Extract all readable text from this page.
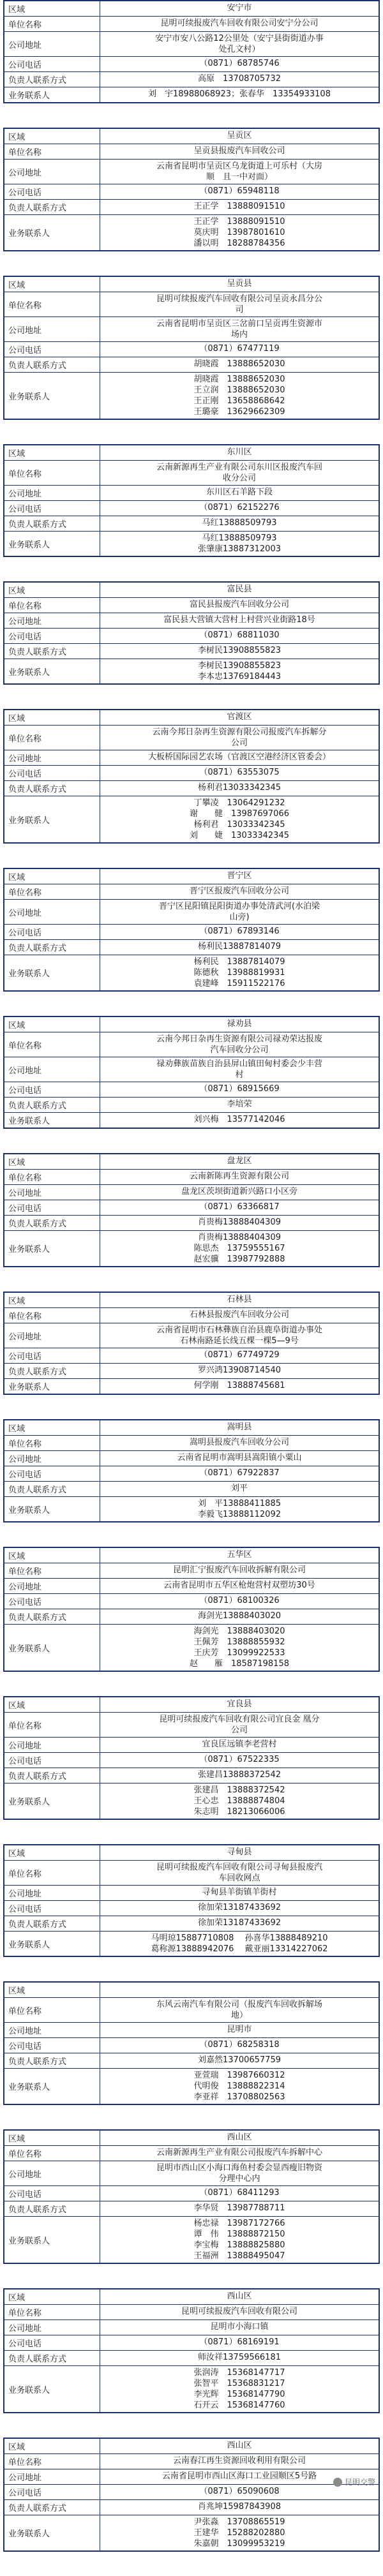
区域	安宁市
单位名称	昆明可续报废汽车回收有限公司安宁分公司
公司地址
安宁市安八公路12公里处（安宁县街街道办事
处孔文村）
公司电话	（0871）68785746
负责人联系方式	高原　13708705732
业务联系人	刘　宇18988068923；张春华　13354933108
区域	呈贡区
单位名称	呈贡县报废汽车回收公司
公司地址
云南省昆明市呈贡区乌龙街道上可乐村（大房
顺　且一中对面）
公司电话	（0871）65948118
负责人联系方式	王正学　13888091510
业务联系人
王正学　13888091510
莫庆明　13987801610
潘以明　18288784356
区域	呈贡县
单位名称
昆明可续报废汽车回收有限公司呈贡永昌分公
司
公司地址
云南省昆明市呈贡区三岔前口呈贡再生资源市
场内
公司电话	（0871）67477119
负责人联系方式	胡晓霞　13888652030
业务联系人
胡晓霞　13888652030
王立润　13888652030
王正刚　13658868642
王璐豪　13629662309
区域	东川区
单位名称
云南新源再生产业有限公司东川区报废汽车回
收分公司
公司地址	东川区石羊路下段
公司电话	（0871）62152276
负责人联系方式	马红13888509793
业务联系人
马红13888509793
张肇康13887312003
区域	富民县
单位名称	富民县报废汽车回收分公司
公司地址	富民县大营镇大营村上村营兴业街路18号
公司电话	（0871）68811030
负责人联系方式	李树民13908855823
业务联系人
李树民13908855823
李本忠13769184443
区域	官渡区
单位名称
云南今邦日杂再生资源有限公司报废汽车拆解分
公司
公司地址	大板桥国际园艺农场（官渡区空港经济区管委会）
公司电话	（0871）63553075
负责人联系方式	杨利君13033342345
业务联系人
丁攀凌　13064291232
谢　　健　13987697066
杨利君　13033342345
刘　　婕　13033342345
区域	晋宁区
单位名称	晋宁区报废汽车回收分公司
公司地址
晋宁区昆阳镇昆阳街道办事处清武河(水泊梁
山旁)
公司电话	（0871）67893146
负责人联系方式	杨利民13887814079
业务联系人
杨利民　13887814079
陈德秋　13988819931
袁建峰　15911522176
区域	禄劝县
单位名称
云南今邦日杂再生资源有限公司禄劝荣达报废
汽车回收分公司
公司地址
禄劝彝族苗族自治县屏山镇田甸村委会少丰营
村
公司电话	（0871）68915669
负责人联系方式	李培荣
业务联系人	刘兴梅　13577142046
区域	盘龙区
单位名称	云南新陈再生资源有限公司
公司地址	盘龙区茨坝街道新兴路口小区旁
公司电话	（0871）63366817
负责人联系方式	肖贵梅13888404309
业务联系人
肖贵梅13888404309
陈思杰　13759555167
赵宏骥　13987792888
区域	石林县
单位名称	石林县报废汽车回收分公司
公司地址
云南省昆明市石林彝族自治县鹿阜街道办事处
石林南路延长线五棵一棵5—9号
公司电话	（0871）67749729
负责人联系方式	罗兴鸿13908714540
业务联系人	何学刚　13888745681
区域	嵩明县
单位名称	嵩明县报废汽车回收分公司
公司地址	云南省昆明市嵩明县嵩阳镇小粟山
公司电话	（0871）67922837
负责人联系方式	刘平
业务联系人
刘　平13888411885
李毅飞13888112092
区域	五华区
单位名称	昆明汇宁报废汽车回收拆解有限公司
公司地址	云南省昆明市五华区枪炮营村双塑坊30号
公司电话	（0871）68100326
负责人联系方式	海剑光13888403020
业务联系人
海剑光　13888403020
王佩芳　13888855932
王庆芳　13099922533
赵　　雁　18587198158
区域	宜良县
单位名称
昆明可续报废汽车回收有限公司宜良金 凰分
公司
公司地址	宜良匡远镇李老营村
公司电话	（0871）67522335
负责人联系方式	张建昌13888372542
业务联系人
张建昌　13888372542
王心忠　13888874804
朱志明　18213066006
区域	寻甸县
单位名称
昆明可续报废汽车回收有限公司寻甸县报废汽
车回收网点
公司地址	寻甸县羊街镇羊街村
公司电话	徐加荣13187433692
负责人联系方式	徐加荣13187433692
业务联系人
马明琼15887710808 　孙喜华13888489210
葛称源13888942076 　戴亚丽13314227062
区域
单位名称
东风云南汽车有限公司（报废汽车回收拆解场
地）
公司地址	昆明市
公司电话	（0871）68258318
负责人联系方式	刘嘉然13700657759
业务联系人
亚萱瑞　13987660312
代明俊　13888822314
李亚祥　13708802563
区域	西山区
单位名称	云南新源再生产业有限公司报废汽车拆解中心
公司地址
昆明市西山区小海口海鱼村委会显西瘦旧物资
分理中心内
公司电话	（0871）68411293
负责人联系方式	李华贤　13987788711
业务联系人
杨忠禄　13987172766
谭　伟　13888872150
李宝梅　13888825880
王福洲　13888495047
区域	西山区
单位名称	昆明可续报废汽车回收有限公司
公司地址	昆明市小海口镇
公司电话	（0871）68169191
负责人联系方式	师汝祥13759566181
业务联系人
张润涛　15368147717
张智平　15368831217
李光辉　15368147790
石开云　15368147760
区域	西山区
单位名称	云南春江再生资源回收利用有限公司
公司地址	云南省昆明市西山区海口工业园顺区5号路
公司电话	（0871）65090608
负责人联系方式	肖兆坤15987843908
业务联系人
尹张淼　13708865519
王建华　15288202880
朱嘉朝　13099953219
昆明交警
